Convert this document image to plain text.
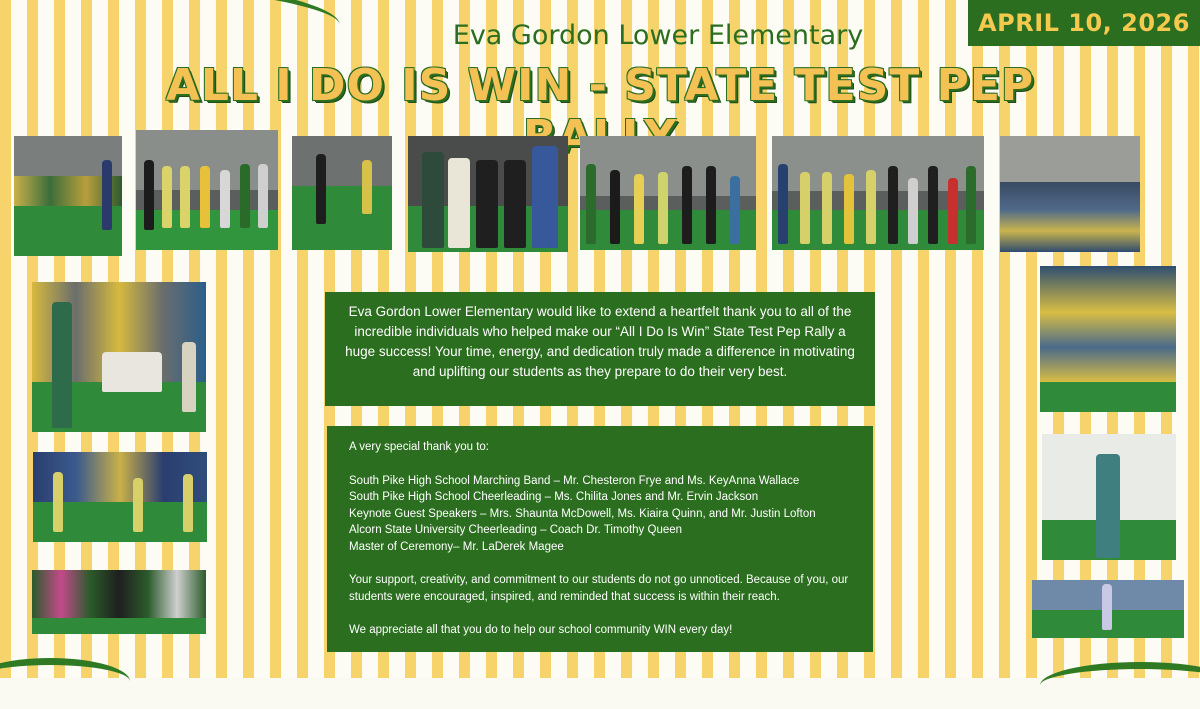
APRIL 10, 2026
Eva Gordon Lower Elementary
ALL I DO IS WIN - STATE TEST PEP
Eva Gordon Lower Elementary would like to extend a heartfelt thank you to all of the incredible individuals who helped make our “All I Do Is Win” State Test Pep Rally a huge success! Your time, energy, and dedication truly made a difference in motivating and uplifting our students as they prepare to do their very best.

A very special thank you to:

South Pike High School Marching Band – Mr. Chesteron Frye and Ms. KeyAnna Wallace

South Pike High School Cheerleading – Ms. Chilita Jones and Mr. Ervin Jackson

Keynote Guest Speakers – Mrs. Shaunta McDowell, Ms. Kiaira Quinn, and Mr. Justin Lofton

Alcorn State University Cheerleading – Coach Dr. Timothy Queen

Master of Ceremony– Mr. LaDerek Magee

Your support, creativity, and commitment to our students do not go unnoticed. Because of you, our students were encouraged, inspired, and reminded that success is within their reach.

We appreciate all that you do to help our school community WIN every day!
